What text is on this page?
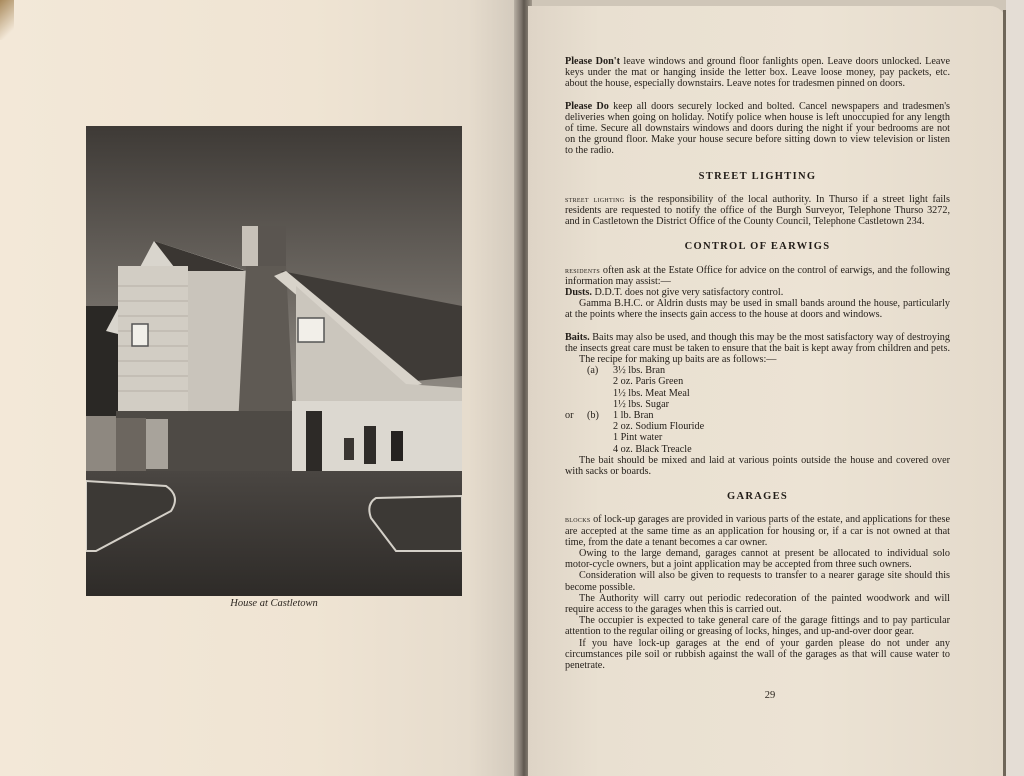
House at Castletown

Please Don't leave windows and ground floor fanlights open. Leave doors unlocked. Leave keys under the mat or hanging inside the letter box. Leave loose money, pay packets, etc. about the house, especially downstairs. Leave notes for tradesmen pinned on doors.

Please Do keep all doors securely locked and bolted. Cancel newspapers and tradesmen's deliveries when going on holiday. Notify police when house is left unoccupied for any length of time. Secure all downstairs windows and doors during the night if your bedrooms are not on the ground floor. Make your house secure before sitting down to view television or listen to the radio.

STREET LIGHTING

street lighting is the responsibility of the local authority. In Thurso if a street light fails residents are requested to notify the office of the Burgh Surveyor, Telephone Thurso 3272, and in Castletown the District Office of the County Council, Telephone Castletown 234.

CONTROL OF EARWIGS

residents often ask at the Estate Office for advice on the control of earwigs, and the following information may assist:—

Dusts. D.D.T. does not give very satisfactory control.

Gamma B.H.C. or Aldrin dusts may be used in small bands around the house, particularly at the points where the insects gain access to the house at doors and windows.

Baits. Baits may also be used, and though this may be the most satisfactory way of destroying the insects great care must be taken to ensure that the bait is kept away from children and pets.

The recipe for making up baits are as follows:—

(a) 3½ lbs. Bran
2 oz. Paris Green
1½ lbs. Meat Meal
1½ lbs. Sugar
or (b) 1 lb. Bran
2 oz. Sodium Flouride
1 Pint water
4 oz. Black Treacle

The bait should be mixed and laid at various points outside the house and covered over with sacks or boards.

GARAGES

blocks of lock-up garages are provided in various parts of the estate, and applications for these are accepted at the same time as an application for housing or, if a car is not owned at that time, from the date a tenant becomes a car owner.

Owing to the large demand, garages cannot at present be allocated to individual solo motor-cycle owners, but a joint application may be accepted from three such owners.

Consideration will also be given to requests to transfer to a nearer garage site should this become possible.

The Authority will carry out periodic redecoration of the painted woodwork and will require access to the garages when this is carried out.

The occupier is expected to take general care of the garage fittings and to pay particular attention to the regular oiling or greasing of locks, hinges, and up-and-over door gear.

If you have lock-up garages at the end of your garden please do not under any circumstances pile soil or rubbish against the wall of the garages as that will cause water to penetrate.

29
